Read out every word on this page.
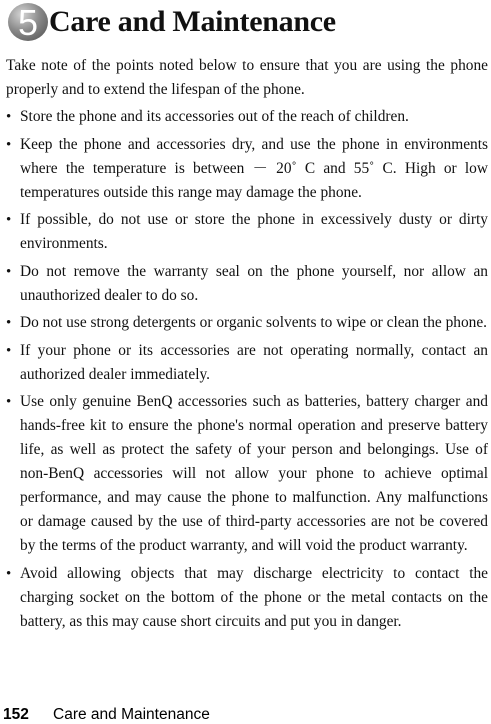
5 Care and Maintenance

Take note of the points noted below to ensure that you are using the phone properly and to extend the lifespan of the phone.

• Store the phone and its accessories out of the reach of children.
• Keep the phone and accessories dry, and use the phone in environments where the temperature is between － 20˚ C and 55˚ C. High or low temperatures outside this range may damage the phone.
• If possible, do not use or store the phone in excessively dusty or dirty environments.
• Do not remove the warranty seal on the phone yourself, nor allow an unauthorized dealer to do so.
• Do not use strong detergents or organic solvents to wipe or clean the phone.
• If your phone or its accessories are not operating normally, contact an authorized dealer immediately.
• Use only genuine BenQ accessories such as batteries, battery charger and hands-free kit to ensure the phone's normal operation and preserve battery life, as well as protect the safety of your person and belongings. Use of non-BenQ accessories will not allow your phone to achieve optimal performance, and may cause the phone to malfunction. Any malfunctions or damage caused by the use of third-party accessories are not be covered by the terms of the product warranty, and will void the product warranty.
• Avoid allowing objects that may discharge electricity to contact the charging socket on the bottom of the phone or the metal contacts on the battery, as this may cause short circuits and put you in danger.
152 Care and Maintenance
